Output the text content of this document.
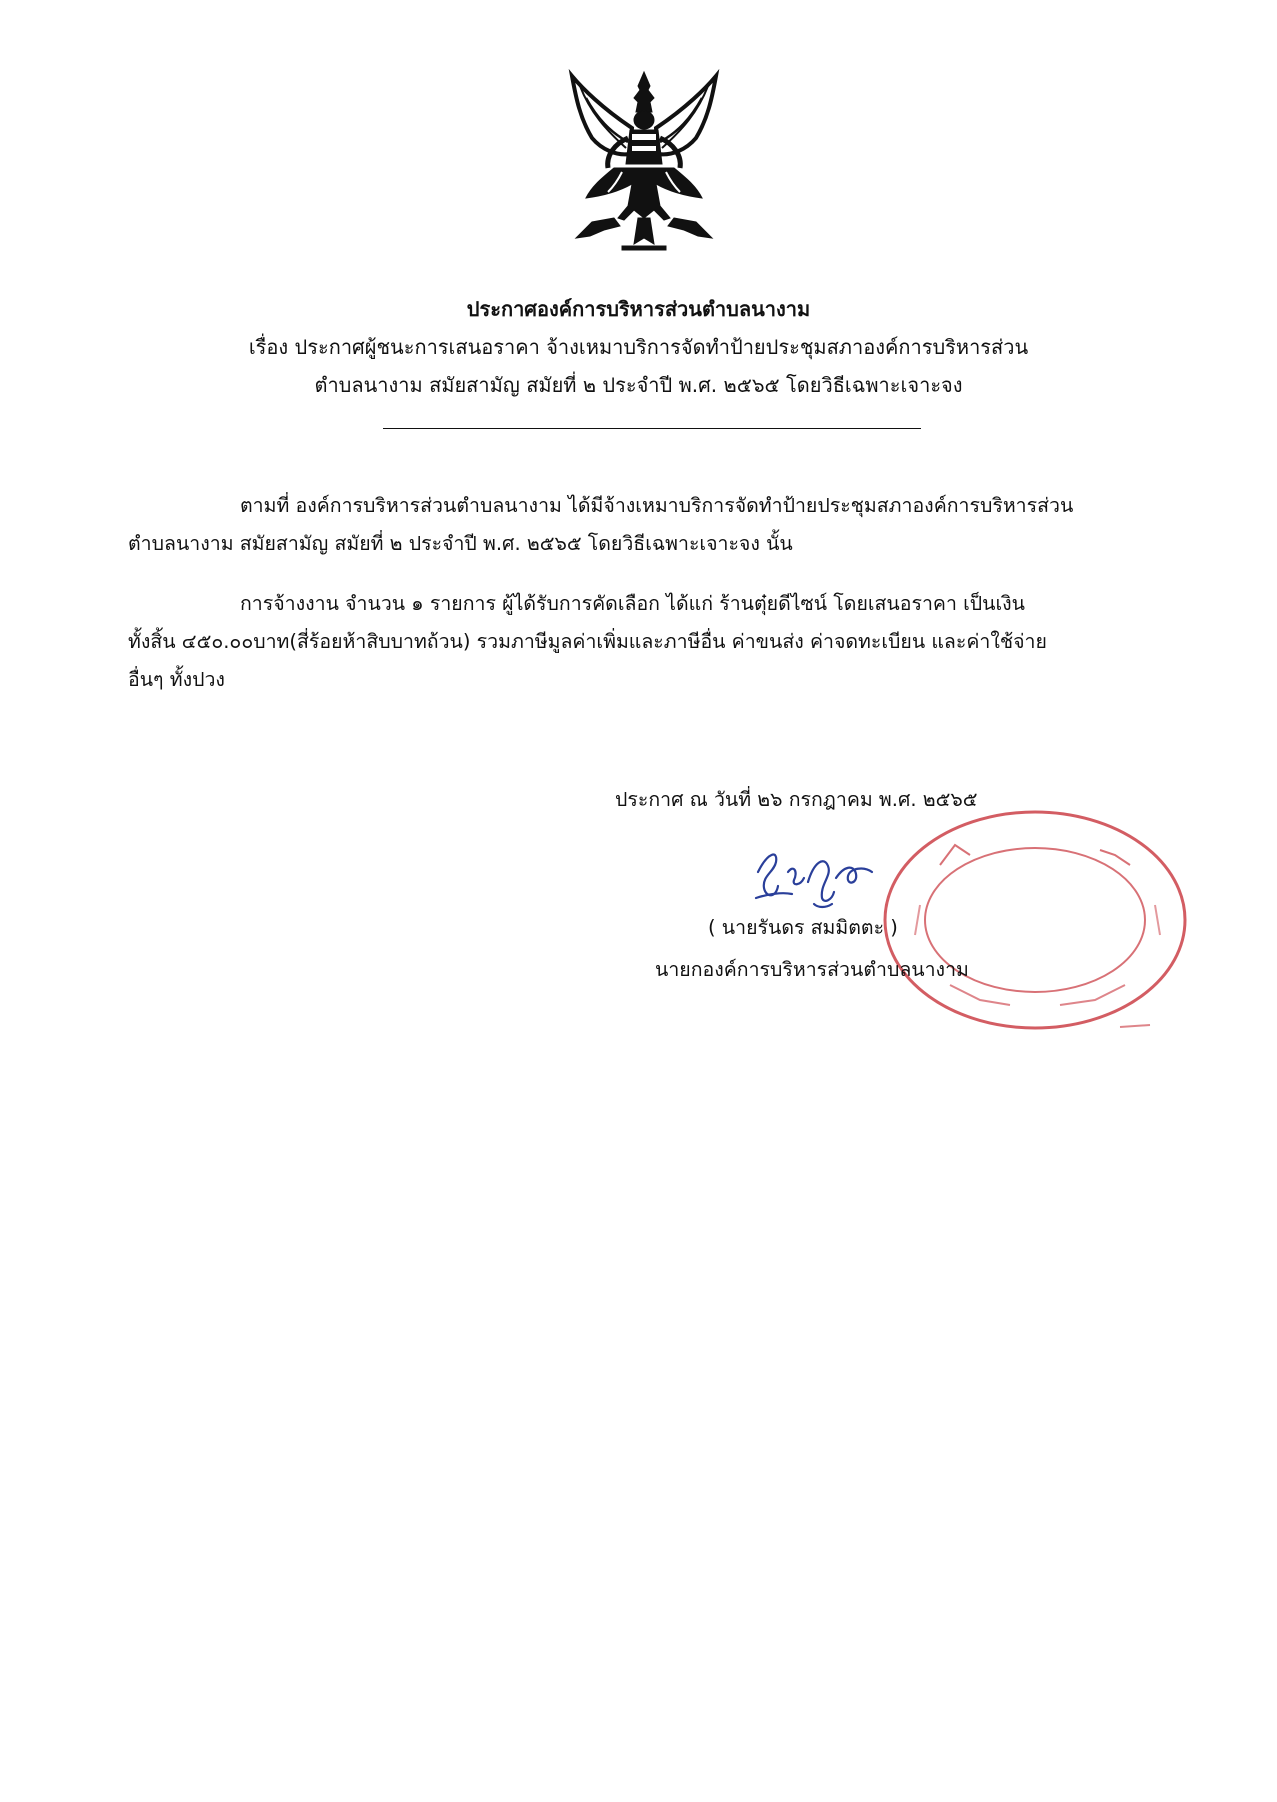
ประกาศองค์การบริหารส่วนตำบลนางาม
เรื่อง ประกาศผู้ชนะการเสนอราคา จ้างเหมาบริการจัดทำป้ายประชุมสภาองค์การบริหารส่วน
ตำบลนางาม สมัยสามัญ สมัยที่ ๒ ประจำปี พ.ศ. ๒๕๖๕ โดยวิธีเฉพาะเจาะจง
ตามที่ องค์การบริหารส่วนตำบลนางาม ได้มีจ้างเหมาบริการจัดทำป้ายประชุมสภาองค์การบริหารส่วน
ตำบลนางาม สมัยสามัญ สมัยที่ ๒ ประจำปี พ.ศ. ๒๕๖๕ โดยวิธีเฉพาะเจาะจง นั้น
การจ้างงาน จำนวน ๑ รายการ ผู้ได้รับการคัดเลือก ได้แก่ ร้านตุ๋ยดีไซน์ โดยเสนอราคา เป็นเงิน
ทั้งสิ้น ๔๕๐.๐๐บาท(สี่ร้อยห้าสิบบาทถ้วน) รวมภาษีมูลค่าเพิ่มและภาษีอื่น ค่าขนส่ง ค่าจดทะเบียน และค่าใช้จ่าย
อื่นๆ ทั้งปวง
ประกาศ ณ วันที่ ๒๖ กรกฎาคม พ.ศ. ๒๕๖๕
( นายรันดร สมมิตตะ )
นายกองค์การบริหารส่วนตำบลนางาม
